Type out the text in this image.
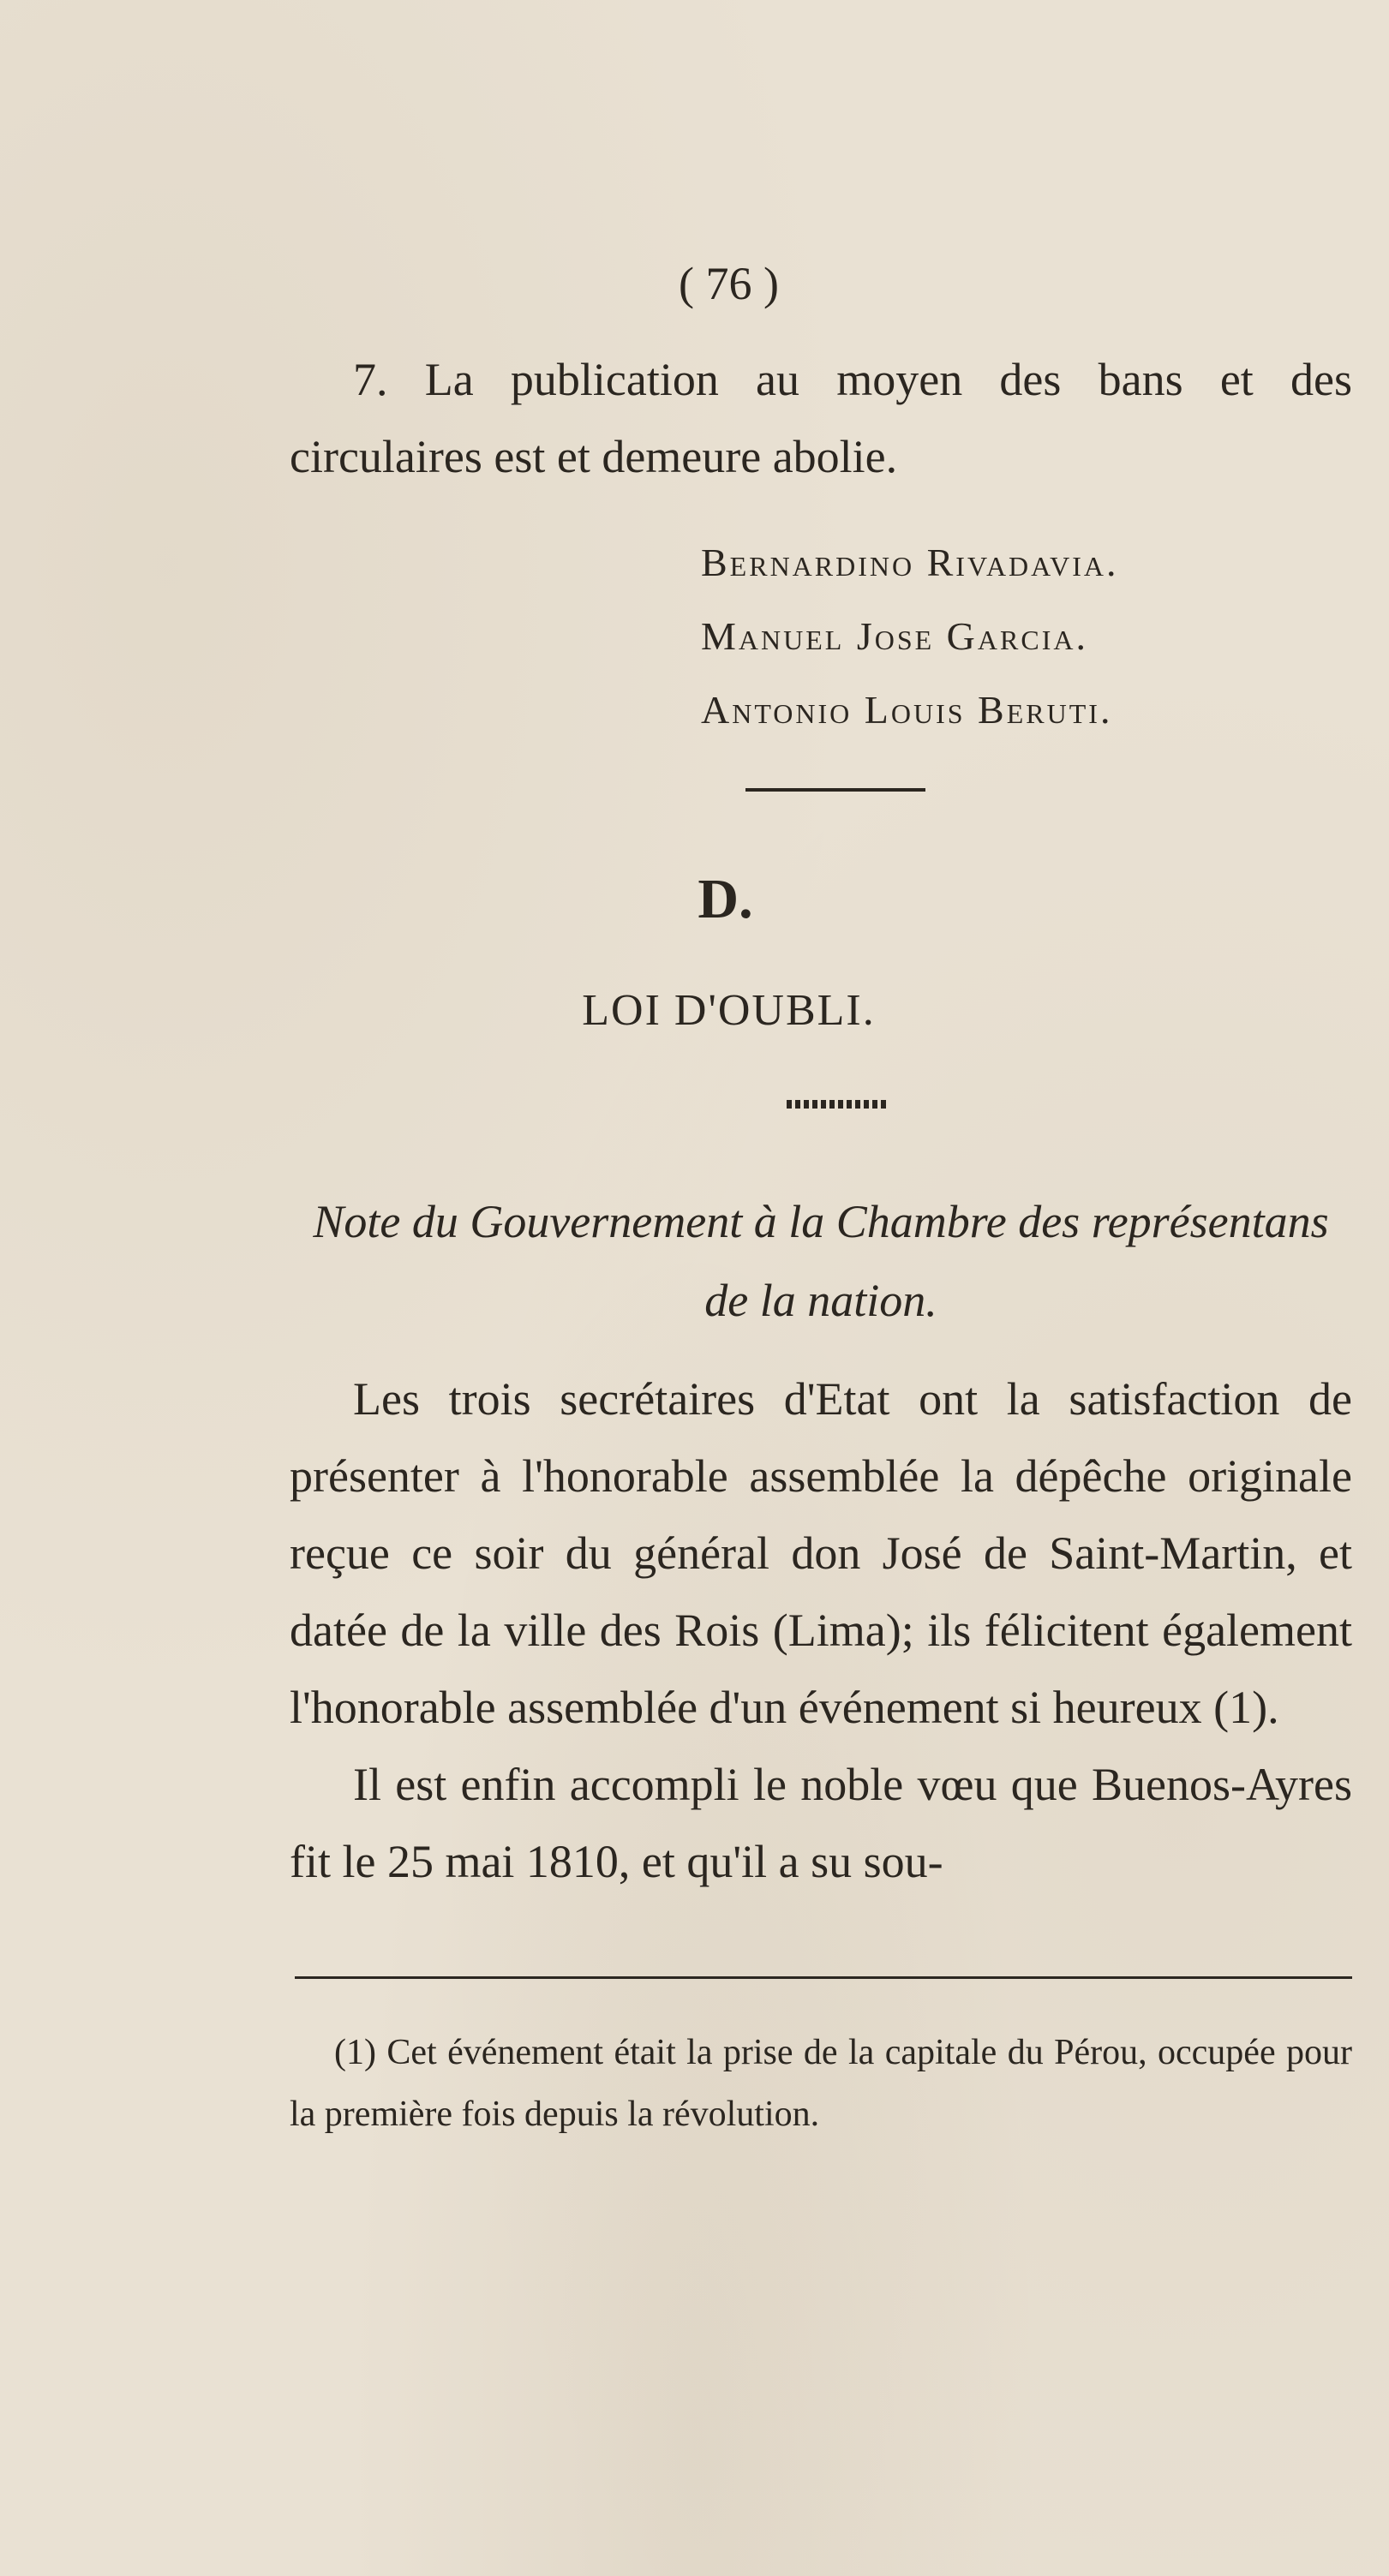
( 76 )

7. La publication au moyen des bans et des circulaires est et demeure abolie.

Bernardino Rivadavia.
Manuel Jose Garcia.
Antonio Louis Beruti.
D.
LOI D'OUBLI.
Note du Gouvernement à la Chambre des représentans de la nation.

Les trois secrétaires d'Etat ont la satisfaction de présenter à l'honorable assemblée la dépêche originale reçue ce soir du général don José de Saint-Martin, et datée de la ville des Rois (Lima); ils félicitent également l'honorable assemblée d'un événement si heureux (1).

Il est enfin accompli le noble vœu que Buenos-Ayres fit le 25 mai 1810, et qu'il a su sou-

(1) Cet événement était la prise de la capitale du Pérou, occupée pour la première fois depuis la révolution.
